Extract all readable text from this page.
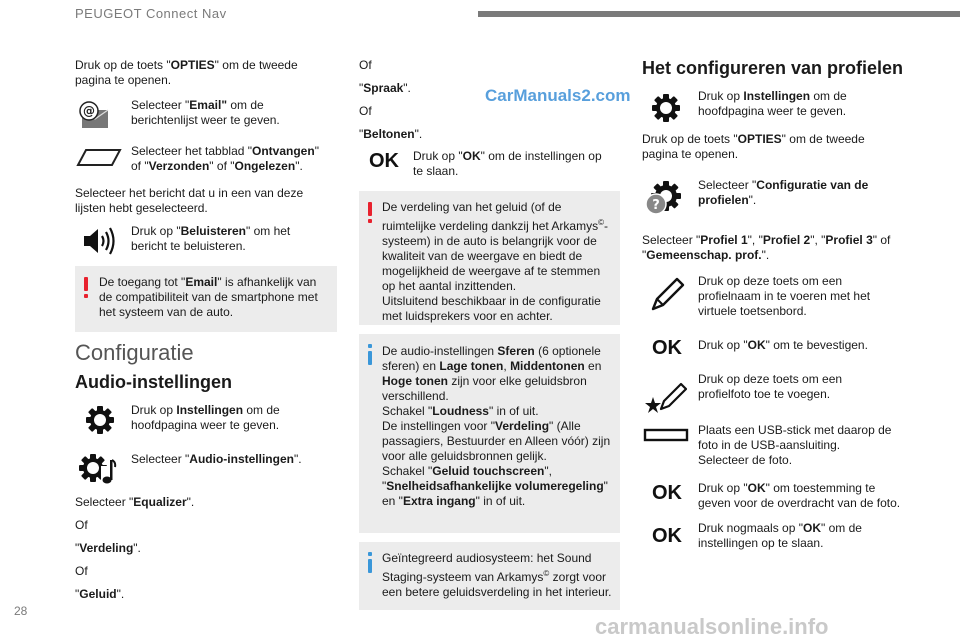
PEUGEOT Connect Nav
28
CarManuals2.com
carmanualsonline.info
Druk op de toets "OPTIES" om de tweede pagina te openen.
@	Selecteer "Email" om de berichtenlijst weer te geven.
Selecteer het tabblad "Ontvangen" of "Verzonden" of "Ongelezen".
Selecteer het bericht dat u in een van deze lijsten hebt geselecteerd.
Druk op "Beluisteren" om het bericht te beluisteren.
De toegang tot "Email" is afhankelijk van de compatibiliteit van de smartphone met het systeem van de auto.
Configuratie
Audio-instellingen
Druk op Instellingen om de hoofdpagina weer te geven.
Selecteer "Audio-instellingen".
Selecteer "Equalizer".
Of
"Verdeling".
Of
"Geluid".
Of
"Spraak".
Of
"Beltonen".
OK Druk op "OK" om de instellingen op te slaan.
De verdeling van het geluid (of de ruimtelijke verdeling dankzij het Arkamys©-systeem) in de auto is belangrijk voor de kwaliteit van de weergave en biedt de mogelijkheid de weergave af te stemmen op het aantal inzittenden.
Uitsluitend beschikbaar in de configuratie met luidsprekers voor en achter.
De audio-instellingen Sferen (6 optionele sferen) en Lage tonen, Middentonen en Hoge tonen zijn voor elke geluidsbron verschillend.
Schakel "Loudness" in of uit.
De instellingen voor "Verdeling" (Alle passagiers, Bestuurder en Alleen vóór) zijn voor alle geluidsbronnen gelijk.
Schakel "Geluid touchscreen", "Snelheidsafhankelijke volumeregeling" en "Extra ingang" in of uit.
Geïntegreerd audiosysteem: het Sound Staging-systeem van Arkamys© zorgt voor een betere geluidsverdeling in het interieur.
Het configureren van profielen
Druk op Instellingen om de hoofdpagina weer te geven.
Druk op de toets "OPTIES" om de tweede pagina te openen.
?
Selecteer "Configuratie van de profielen".
Selecteer "Profiel 1", "Profiel 2", "Profiel 3" of "Gemeenschap. prof.".
Druk op deze toets om een profielnaam in te voeren met het virtuele toetsenbord.
OK Druk op "OK" om te bevestigen.
Druk op deze toets om een profielfoto toe te voegen.
Plaats een USB-stick met daarop de foto in de USB-aansluiting.
Selecteer de foto.
OK Druk op "OK" om toestemming te geven voor de overdracht van de foto.
OK Druk nogmaals op "OK" om de instellingen op te slaan.
